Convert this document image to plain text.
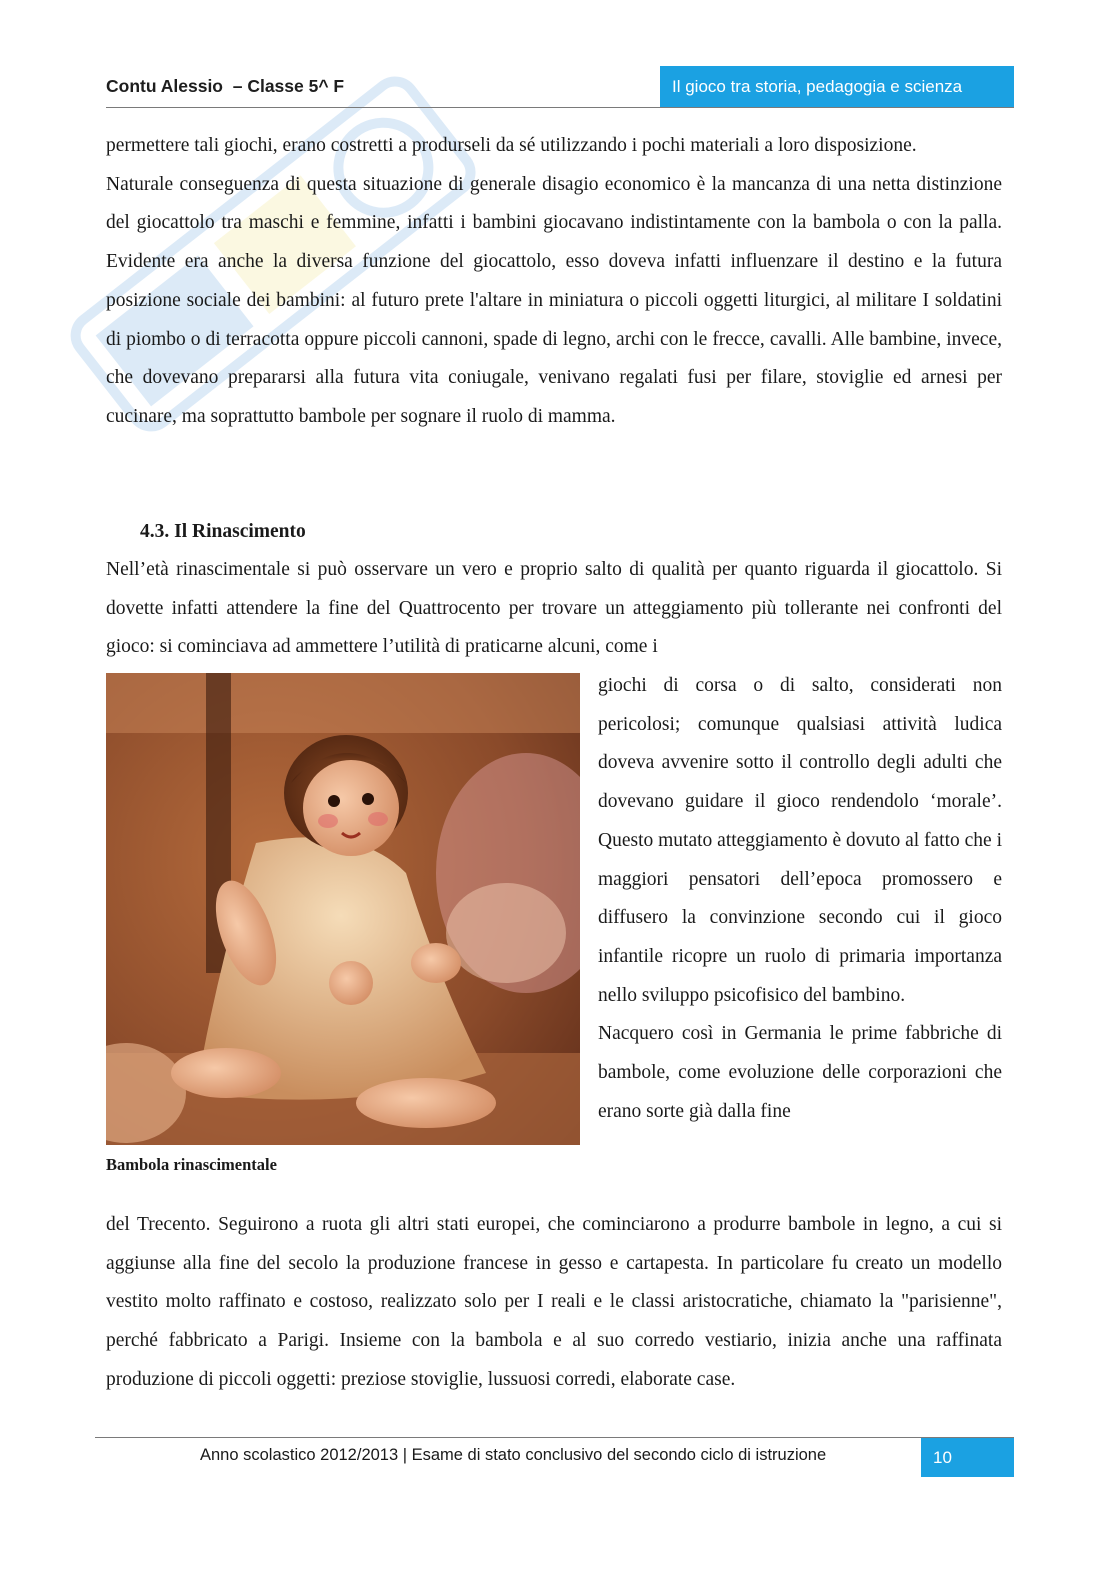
Contu Alessio  – Classe 5^ F	Il gioco tra storia, pedagogia e scienza

permettere tali giochi, erano costretti a produrseli da sé utilizzando i pochi materiali a loro disposizione.

Naturale conseguenza di questa situazione di generale disagio economico è la mancanza di una netta distinzione del giocattolo tra maschi e femmine, infatti i bambini giocavano indistintamente con la bambola o con la palla. Evidente era anche la diversa funzione del giocattolo, esso doveva infatti influenzare il destino e la futura posizione sociale dei bambini: al futuro prete l'altare in miniatura o piccoli oggetti liturgici, al militare I soldatini di piombo o di terracotta oppure piccoli cannoni, spade di legno, archi con le frecce, cavalli. Alle bambine, invece, che dovevano prepararsi alla futura vita coniugale, venivano regalati fusi per filare, stoviglie ed arnesi per cucinare, ma soprattutto bambole per sognare il ruolo di mamma.

4.3. Il Rinascimento

Nell’età rinascimentale si può osservare un vero e proprio salto di qualità per quanto riguarda il giocattolo. Si dovette infatti attendere la fine del Quattrocento per trovare un atteggiamento più tollerante nei confronti del gioco: si cominciava ad ammettere l’utilità di praticarne alcuni, come i

Bambola rinascimentale

giochi di corsa o di salto, considerati non pericolosi; comunque qualsiasi attività ludica doveva avvenire sotto il controllo degli adulti che dovevano guidare il gioco rendendolo ‘morale’. Questo mutato atteggiamento è dovuto al fatto che i maggiori pensatori dell’epoca promossero e diffusero la convinzione secondo cui il gioco infantile ricopre un ruolo di primaria importanza nello sviluppo psicofisico del bambino.

Nacquero così in Germania le prime fabbriche di bambole, come evoluzione delle corporazioni che erano sorte già dalla fine

del Trecento. Seguirono a ruota gli altri stati europei, che cominciarono a produrre bambole in legno, a cui si aggiunse alla fine del secolo la produzione francese in gesso e cartapesta. In particolare fu creato un modello vestito molto raffinato e costoso, realizzato solo per I reali e le classi aristocratiche, chiamato la "parisienne", perché fabbricato a Parigi. Insieme con la bambola e al suo corredo vestiario, inizia anche una raffinata produzione di piccoli oggetti: preziose stoviglie, lussuosi corredi, elaborate case.

Anno scolastico 2012/2013 | Esame di stato conclusivo del secondo ciclo di istruzione	10
